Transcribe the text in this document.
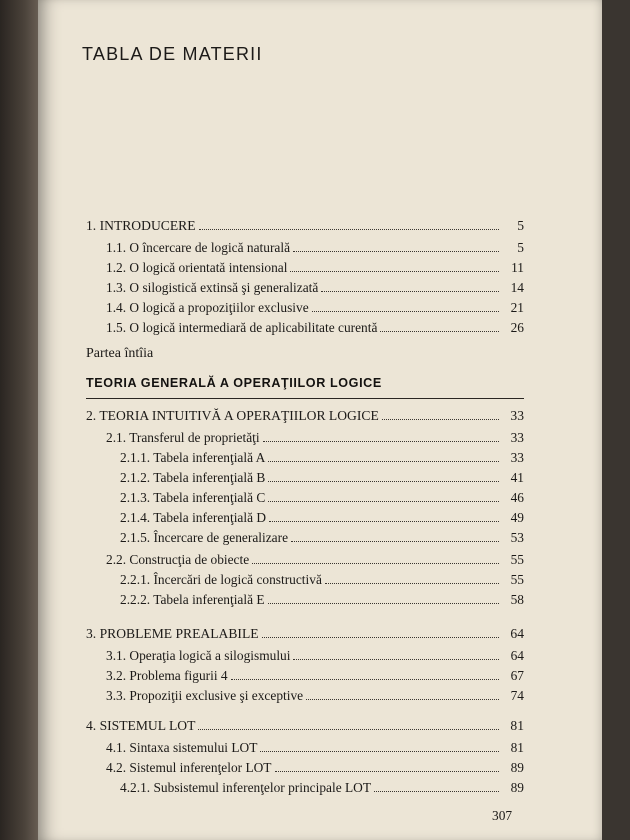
TABLA DE MATERII
1. INTRODUCERE	5
1.1. O încercare de logică naturală	5
1.2. O logică orientată intensional	11
1.3. O silogistică extinsă şi generalizată	14
1.4. O logică a propoziţiilor exclusive	21
1.5. O logică intermediară de aplicabilitate curentă	26
Partea întîia
TEORIA GENERALĂ A OPERAŢIILOR LOGICE
2. TEORIA INTUITIVĂ A OPERAŢIILOR LOGICE	33
2.1. Transferul de proprietăţi	33
2.1.1. Tabela inferenţială A	33
2.1.2. Tabela inferenţială B	41
2.1.3. Tabela inferenţială C	46
2.1.4. Tabela inferenţială D	49
2.1.5. Încercare de generalizare	53
2.2. Construcţia de obiecte	55
2.2.1. Încercări de logică constructivă	55
2.2.2. Tabela inferenţială E	58
3. PROBLEME PREALABILE	64
3.1. Operaţia logică a silogismului	64
3.2. Problema figurii 4	67
3.3. Propoziţii exclusive şi exceptive	74
4. SISTEMUL LOT	81
4.1. Sintaxa sistemului LOT	81
4.2. Sistemul inferenţelor LOT	89
4.2.1. Subsistemul inferenţelor principale LOT	89
307
